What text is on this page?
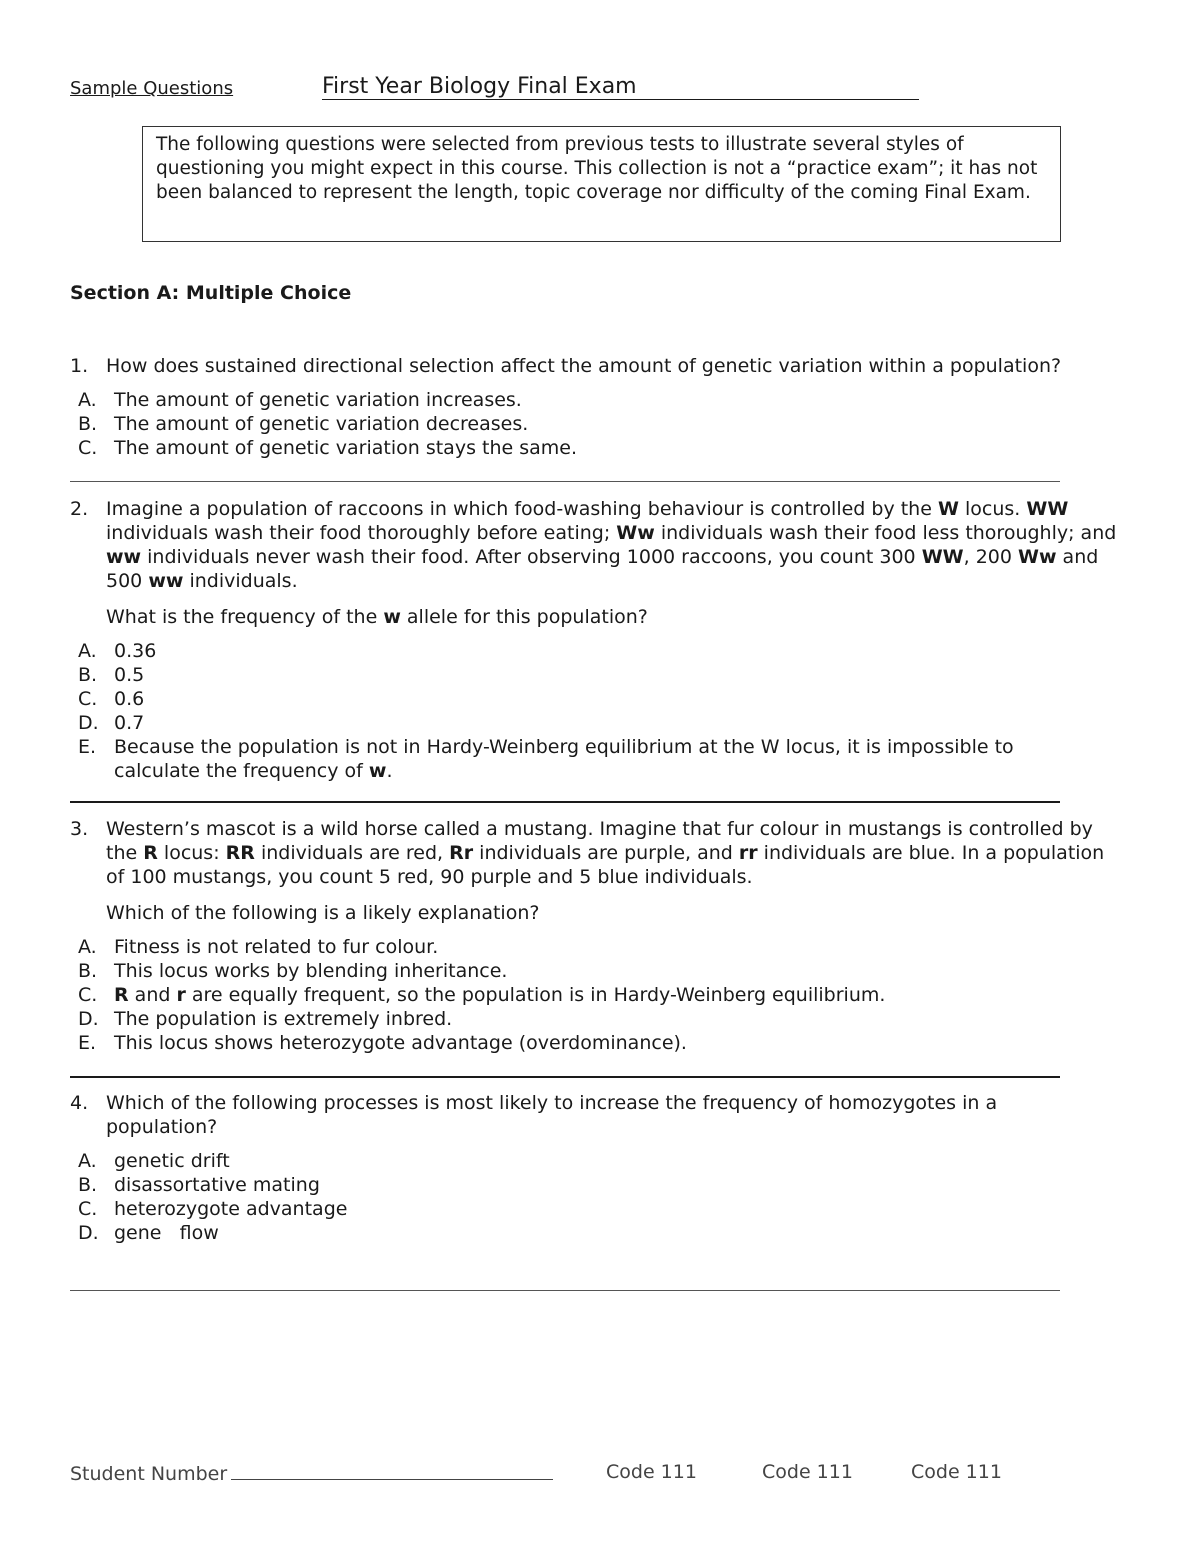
Sample Questions	First Year Biology Final Exam
The following questions were selected from previous tests to illustrate several styles of questioning you might expect in this course. This collection is not a “practice exam”; it has not been balanced to represent the length, topic coverage nor difficulty of the coming Final Exam.
Section A: Multiple Choice
1. How does sustained directional selection affect the amount of genetic variation within a population?
A. The amount of genetic variation increases.
B. The amount of genetic variation decreases.
C. The amount of genetic variation stays the same.
2. Imagine a population of raccoons in which food-washing behaviour is controlled by the W locus. WW individuals wash their food thoroughly before eating; Ww individuals wash their food less thoroughly; and ww individuals never wash their food. After observing 1000 raccoons, you count 300 WW, 200 Ww and 500 ww individuals.
What is the frequency of the w allele for this population?
A. 0.36
B. 0.5
C. 0.6
D. 0.7
E. Because the population is not in Hardy-Weinberg equilibrium at the W locus, it is impossible to calculate the frequency of w.
3. Western’s mascot is a wild horse called a mustang. Imagine that fur colour in mustangs is controlled by the R locus: RR individuals are red, Rr individuals are purple, and rr individuals are blue. In a population of 100 mustangs, you count 5 red, 90 purple and 5 blue individuals.
Which of the following is a likely explanation?
A. Fitness is not related to fur colour.
B. This locus works by blending inheritance.
C. R and r are equally frequent, so the population is in Hardy-Weinberg equilibrium.
D. The population is extremely inbred.
E. This locus shows heterozygote advantage (overdominance).
4. Which of the following processes is most likely to increase the frequency of homozygotes in a population?
A. genetic drift
B. disassortative mating
C. heterozygote advantage
D. gene   flow
Student Number	Code 111	Code 111	Code 111
